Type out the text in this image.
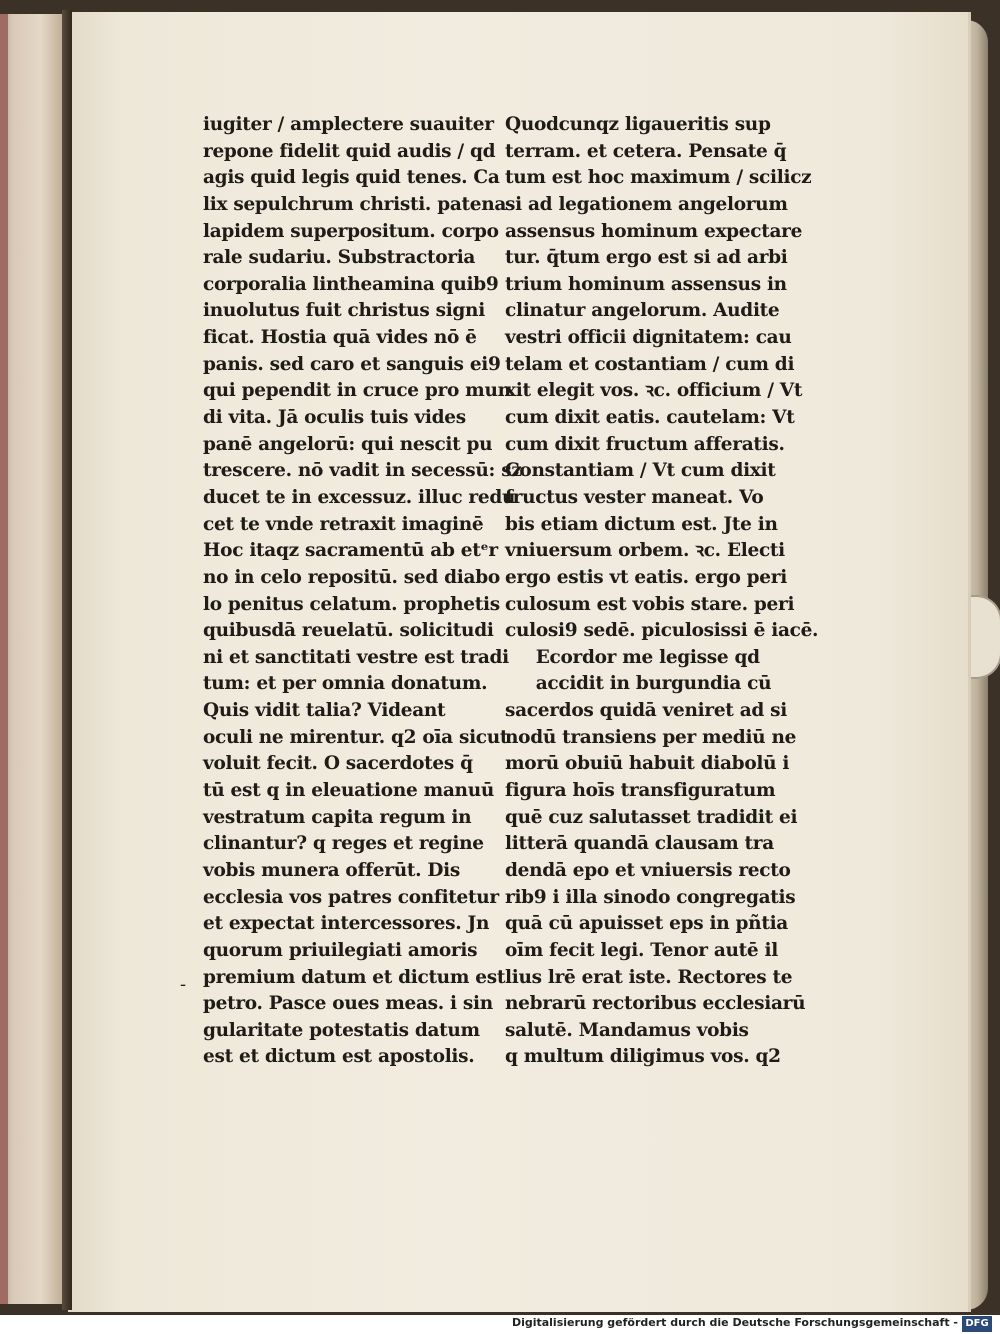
iugiter / amplectere suauiter
repone fidelit quid audis / qd
agis quid legis quid tenes. Ca
lix sepulchrum christi. patena
lapidem superpositum. corpo
rale sudariu. Substractoria
corporalia lintheamina quib9
inuolutus fuit christus signi
ficat. Hostia quā vides nō ē
panis. sed caro et sanguis ei9
qui pependit in cruce pro mun
di vita. Jā oculis tuis vides
panē angelorū: qui nescit pu
trescere. nō vadit in secessū: sz
ducet te in excessuz. illuc redu
cet te vnde retraxit imaginē
Hoc itaqz sacramentū ab etᵉr
no in celo repositū. sed diabo
lo penitus celatum. prophetis
quibusdā reuelatū. solicitudi
ni et sanctitati vestre est tradi
tum: et per omnia donatum.
Quis vidit talia? Videant
oculi ne mirentur. q2 oīa sicut
voluit fecit. O sacerdotes q̄
tū est q in eleuatione manuū
vestratum capita regum in
clinantur? q reges et regine
vobis munera offerūt. Dis
ecclesia vos patres confitetur
et expectat intercessores. Jn
quorum priuilegiati amoris
premium datum et dictum est
petro. Pasce oues meas. i sin
gularitate potestatis datum
est et dictum est apostolis.
Quodcunqz ligaueritis sup
terram. et cetera. Pensate q̄
tum est hoc maximum / scilicz
si ad legationem angelorum
assensus hominum expectare
tur. q̄tum ergo est si ad arbi
trium hominum assensus in
clinatur angelorum. Audite
vestri officii dignitatem: cau
telam et costantiam / cum di
xit elegit vos. ꝛc. officium / Vt
cum dixit eatis. cautelam: Vt
cum dixit fructum afferatis.
Constantiam / Vt cum dixit
fructus vester maneat. Vo
bis etiam dictum est. Jte in
vniuersum orbem. ꝛc. Electi
ergo estis vt eatis. ergo peri
culosum est vobis stare. peri
culosi9 sedē. piculosissi ē iacē.
Ecordor me legisse qd
accidit in burgundia cū
sacerdos quidā veniret ad si
nodū transiens per mediū ne
morū obuiū habuit diabolū i
figura hoīs transfiguratum
quē cuz salutasset tradidit ei
litterā quandā clausam tra
dendā epo et vniuersis recto
rib9 i illa sinodo congregatis
quā cū apuisset eps in pñtia
oīm fecit legi. Tenor autē il
lius lrē erat iste. Rectores te
nebrarū rectoribus ecclesiarū
salutē. Mandamus vobis
q multum diligimus vos. q2
-
Digitalisierung gefördert durch die Deutsche Forschungsgemeinschaft - DFG
